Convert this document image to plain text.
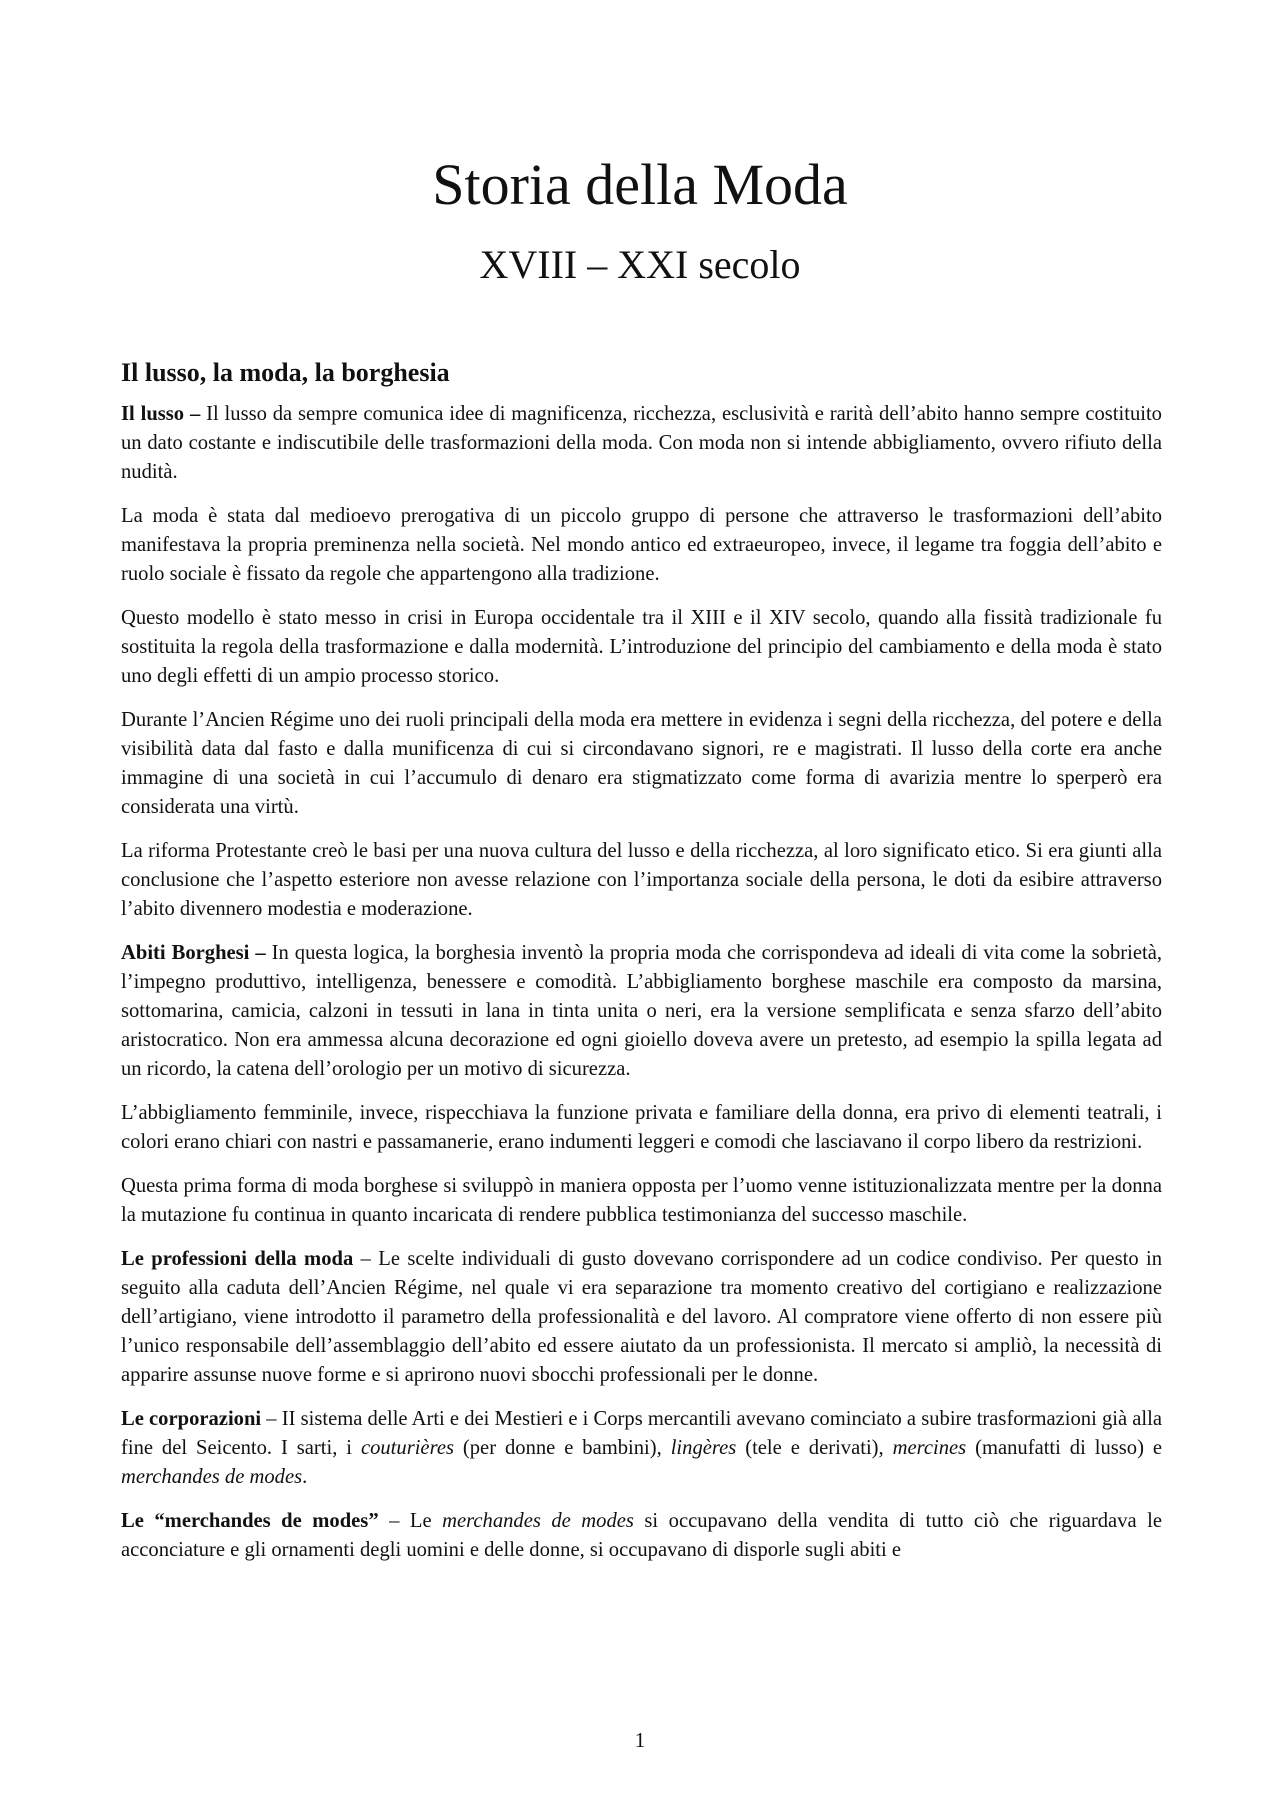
Storia della Moda
XVIII – XXI secolo
Il lusso, la moda, la borghesia

Il lusso – Il lusso da sempre comunica idee di magnificenza, ricchezza, esclusività e rarità dell’abito hanno sempre costituito un dato costante e indiscutibile delle trasformazioni della moda. Con moda non si intende abbigliamento, ovvero rifiuto della nudità.

La moda è stata dal medioevo prerogativa di un piccolo gruppo di persone che attraverso le trasformazioni dell’abito manifestava la propria preminenza nella società. Nel mondo antico ed extraeuropeo, invece, il legame tra foggia dell’abito e ruolo sociale è fissato da regole che appartengono alla tradizione.

Questo modello è stato messo in crisi in Europa occidentale tra il XIII e il XIV secolo, quando alla fissità tradizionale fu sostituita la regola della trasformazione e dalla modernità. L’introduzione del principio del cambiamento e della moda è stato uno degli effetti di un ampio processo storico.

Durante l’Ancien Régime uno dei ruoli principali della moda era mettere in evidenza i segni della ricchezza, del potere e della visibilità data dal fasto e dalla munificenza di cui si circondavano signori, re e magistrati. Il lusso della corte era anche immagine di una società in cui l’accumulo di denaro era stigmatizzato come forma di avarizia mentre lo sperperò era considerata una virtù.

La riforma Protestante creò le basi per una nuova cultura del lusso e della ricchezza, al loro significato etico. Si era giunti alla conclusione che l’aspetto esteriore non avesse relazione con l’importanza sociale della persona, le doti da esibire attraverso l’abito divennero modestia e moderazione.

Abiti Borghesi – In questa logica, la borghesia inventò la propria moda che corrispondeva ad ideali di vita come la sobrietà, l’impegno produttivo, intelligenza, benessere e comodità. L’abbigliamento borghese maschile era composto da marsina, sottomarina, camicia, calzoni in tessuti in lana in tinta unita o neri, era la versione semplificata e senza sfarzo dell’abito aristocratico. Non era ammessa alcuna decorazione ed ogni gioiello doveva avere un pretesto, ad esempio la spilla legata ad un ricordo, la catena dell’orologio per un motivo di sicurezza.

L’abbigliamento femminile, invece, rispecchiava la funzione privata e familiare della donna, era privo di elementi teatrali, i colori erano chiari con nastri e passamanerie, erano indumenti leggeri e comodi che lasciavano il corpo libero da restrizioni.

Questa prima forma di moda borghese si sviluppò in maniera opposta per l’uomo venne istituzionalizzata mentre per la donna la mutazione fu continua in quanto incaricata di rendere pubblica testimonianza del successo maschile.

Le professioni della moda – Le scelte individuali di gusto dovevano corrispondere ad un codice condiviso. Per questo in seguito alla caduta dell’Ancien Régime, nel quale vi era separazione tra momento creativo del cortigiano e realizzazione dell’artigiano, viene introdotto il parametro della professionalità e del lavoro. Al compratore viene offerto di non essere più l’unico responsabile dell’assemblaggio dell’abito ed essere aiutato da un professionista. Il mercato si ampliò, la necessità di apparire assunse nuove forme e si aprirono nuovi sbocchi professionali per le donne.

Le corporazioni – II sistema delle Arti e dei Mestieri e i Corps mercantili avevano cominciato a subire trasformazioni già alla fine del Seicento. I sarti, i couturières (per donne e bambini), lingères (tele e derivati), mercines (manufatti di lusso) e merchandes de modes.

Le “merchandes de modes” – Le merchandes de modes si occupavano della vendita di tutto ciò che riguardava le acconciature e gli ornamenti degli uomini e delle donne, si occupavano di disporle sugli abiti e

1
